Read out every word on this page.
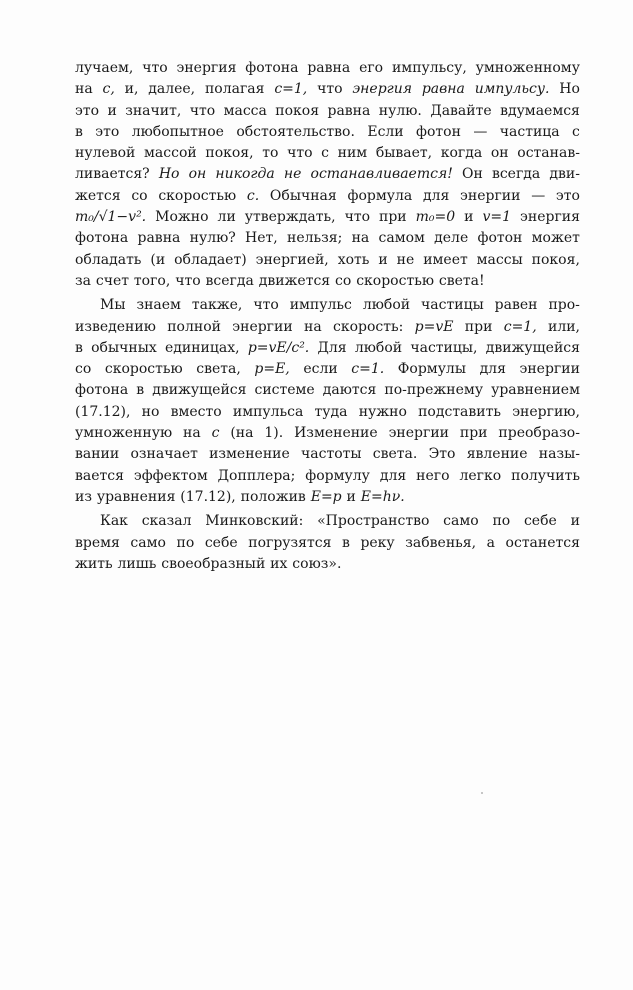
лучаем, что энергия фотона равна его импульсу, умноженному
на c, и, далее, полагая c=1, что энергия равна импульсу. Но
это и значит, что масса покоя равна нулю. Давайте вдумаемся
в это любопытное обстоятельство. Если фотон — частица с
нулевой массой покоя, то что с ним бывает, когда он останав-
ливается? Но он никогда не останавливается! Он всегда дви-
жется со скоростью c. Обычная формула для энергии — это
m₀/√1−v². Можно ли утверждать, что при m₀=0 и v=1 энергия
фотона равна нулю? Нет, нельзя; на самом деле фотон может
обладать (и обладает) энергией, хоть и не имеет массы покоя,
за счет того, что всегда движется со скоростью света!
Мы знаем также, что импульс любой частицы равен про-
изведению полной энергии на скорость: p=vE при c=1, или,
в обычных единицах, p=vE/c². Для любой частицы, движущейся
со скоростью света, p=E, если c=1. Формулы для энергии
фотона в движущейся системе даются по-прежнему уравнением
(17.12), но вместо импульса туда нужно подставить энергию,
умноженную на c (на 1). Изменение энергии при преобразо-
вании означает изменение частоты света. Это явление назы-
вается эффектом Допплера; формулу для него легко получить
из уравнения (17.12), положив E=p и E=hν.
Как сказал Минковский: «Пространство само по себе и
время само по себе погрузятся в реку забвенья, а останется
жить лишь своеобразный их союз».
